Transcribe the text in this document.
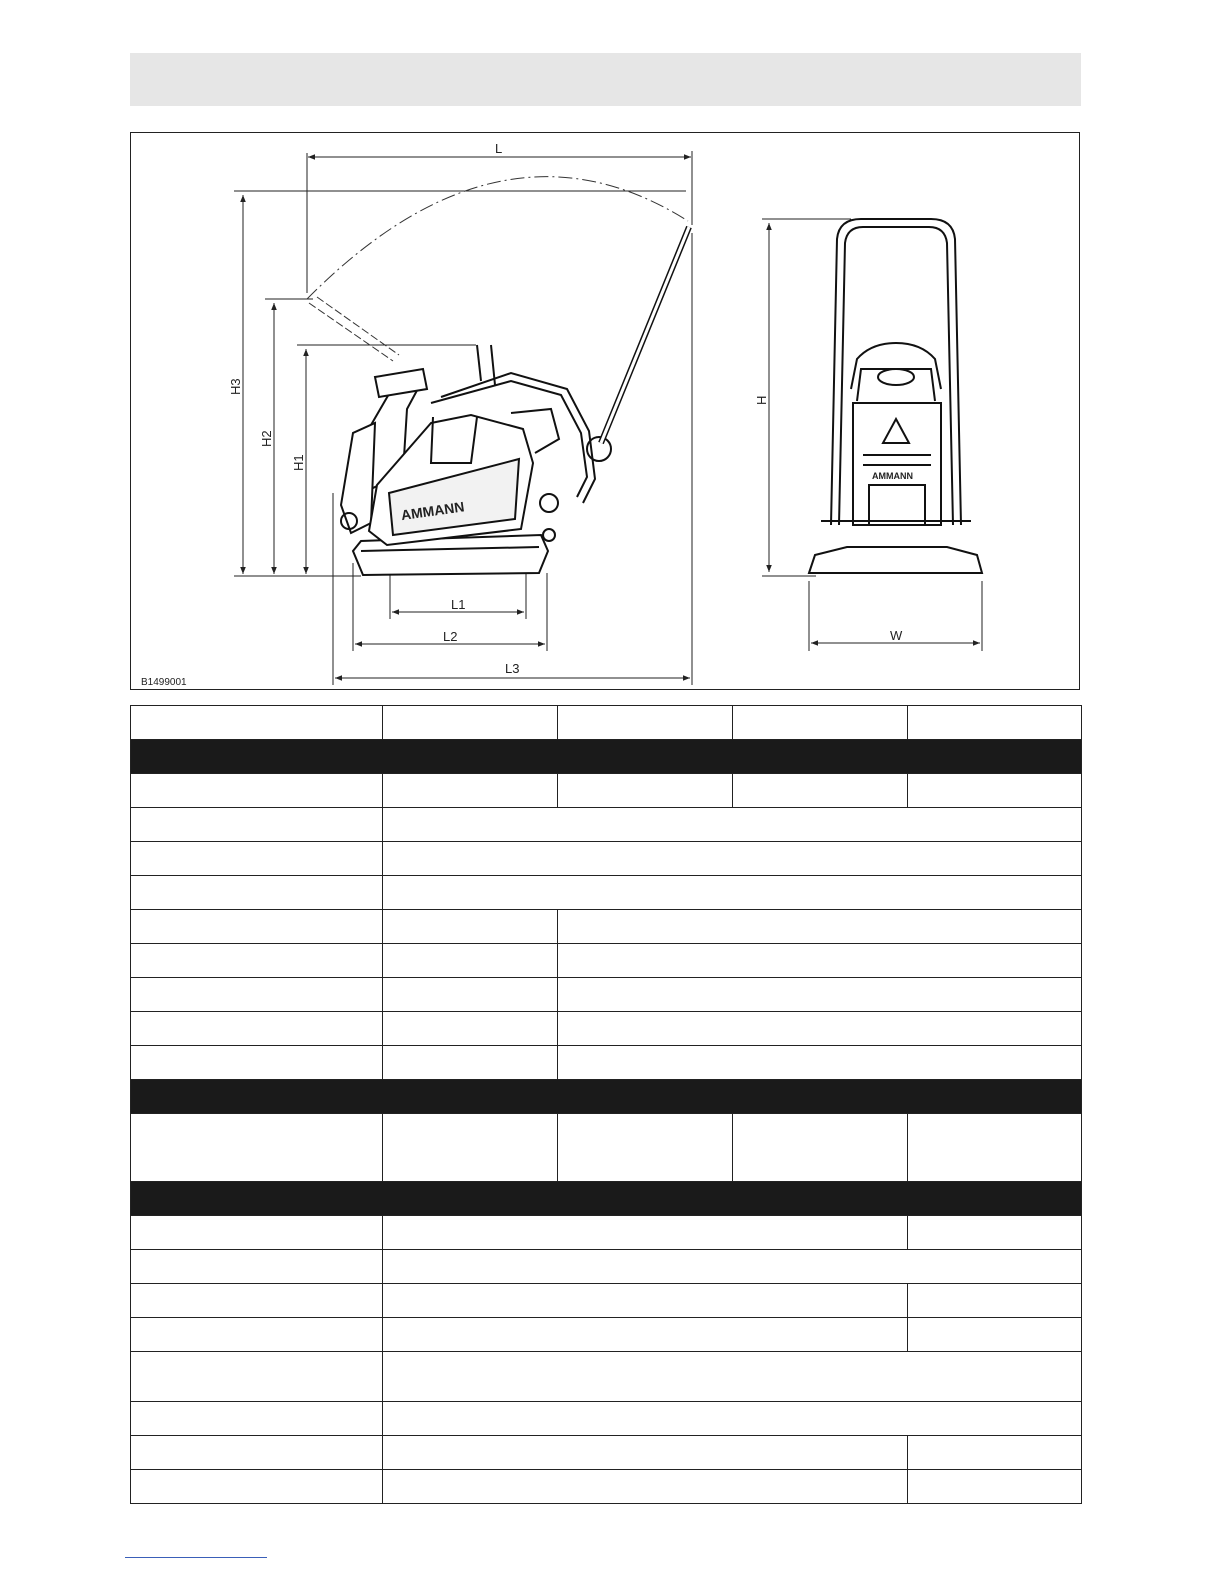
AMMANN
AMMANN
L
L1
L2
L3
H3
H2
H1
H
W
B1499001
